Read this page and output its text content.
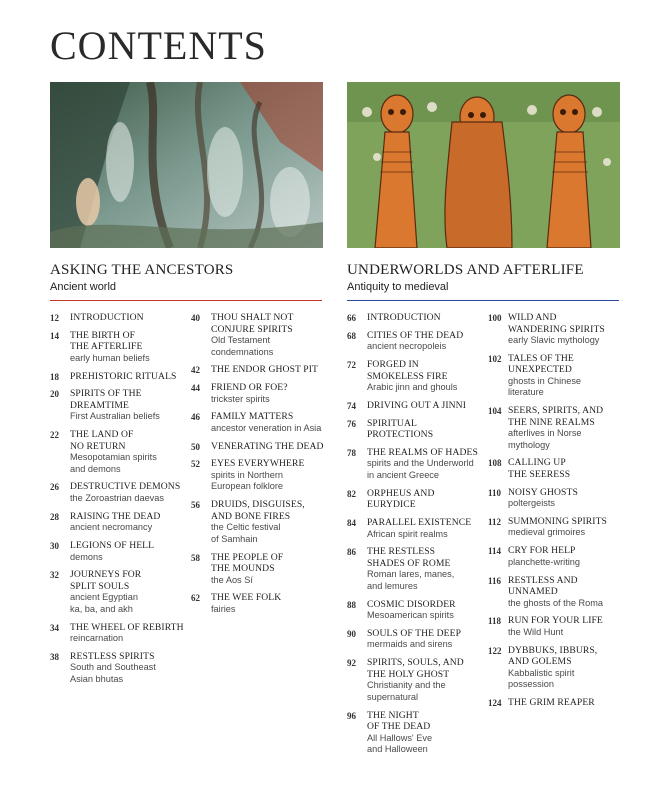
CONTENTS
ASKING THE ANCESTORS
Ancient world
UNDERWORLDS AND AFTERLIFE
Antiquity to medieval
12	INTRODUCTION
14	THE BIRTH OF
THE AFTERLIFE
early human beliefs
18	PREHISTORIC RITUALS
20	SPIRITS OF THE
DREAMTIME
First Australian beliefs
22	THE LAND OF
NO RETURN
Mesopotamian spirits
and demons
26	DESTRUCTIVE DEMONS
the Zoroastrian daevas
28	RAISING THE DEAD
ancient necromancy
30	LEGIONS OF HELL
demons
32	JOURNEYS FOR
SPLIT SOULS
ancient Egyptian
ka, ba, and akh
34	THE WHEEL OF REBIRTH
reincarnation
38	RESTLESS SPIRITS
South and Southeast
Asian bhutas
40	THOU SHALT NOT
CONJURE SPIRITS
Old Testament
condemnations
42	THE ENDOR GHOST PIT
44	FRIEND OR FOE?
trickster spirits
46	FAMILY MATTERS
ancestor veneration in Asia
50	VENERATING THE DEAD
52	EYES EVERYWHERE
spirits in Northern
European folklore
56	DRUIDS, DISGUISES,
AND BONE FIRES
the Celtic festival
of Samhain
58	THE PEOPLE OF
THE MOUNDS
the Aos Sí
62	THE WEE FOLK
fairies
66	INTRODUCTION
68	CITIES OF THE DEAD
ancient necropoleis
72	FORGED IN
SMOKELESS FIRE
Arabic jinn and ghouls
74	DRIVING OUT A JINNI
76	SPIRITUAL
PROTECTIONS
78	THE REALMS OF HADES
spirits and the Underworld
in ancient Greece
82	ORPHEUS AND
EURYDICE
84	PARALLEL EXISTENCE
African spirit realms
86	THE RESTLESS
SHADES OF ROME
Roman lares, manes,
and lemures
88	COSMIC DISORDER
Mesoamerican spirits
90	SOULS OF THE DEEP
mermaids and sirens
92	SPIRITS, SOULS, AND
THE HOLY GHOST
Christianity and the
supernatural
96	THE NIGHT
OF THE DEAD
All Hallows' Eve
and Halloween
100 WILD AND
WANDERING SPIRITS
early Slavic mythology
102 TALES OF THE
UNEXPECTED
ghosts in Chinese
literature
104 SEERS, SPIRITS, AND
THE NINE REALMS
afterlives in Norse
mythology
108 CALLING UP
THE SEERESS
110 NOISY GHOSTS
poltergeists
112 SUMMONING SPIRITS
medieval grimoires
114 CRY FOR HELP
planchette-writing
116 RESTLESS AND
UNNAMED
the ghosts of the Roma
118 RUN FOR YOUR LIFE
the Wild Hunt
122 DYBBUKS, IBBURS,
AND GOLEMS
Kabbalistic spirit
possession
124 THE GRIM REAPER
